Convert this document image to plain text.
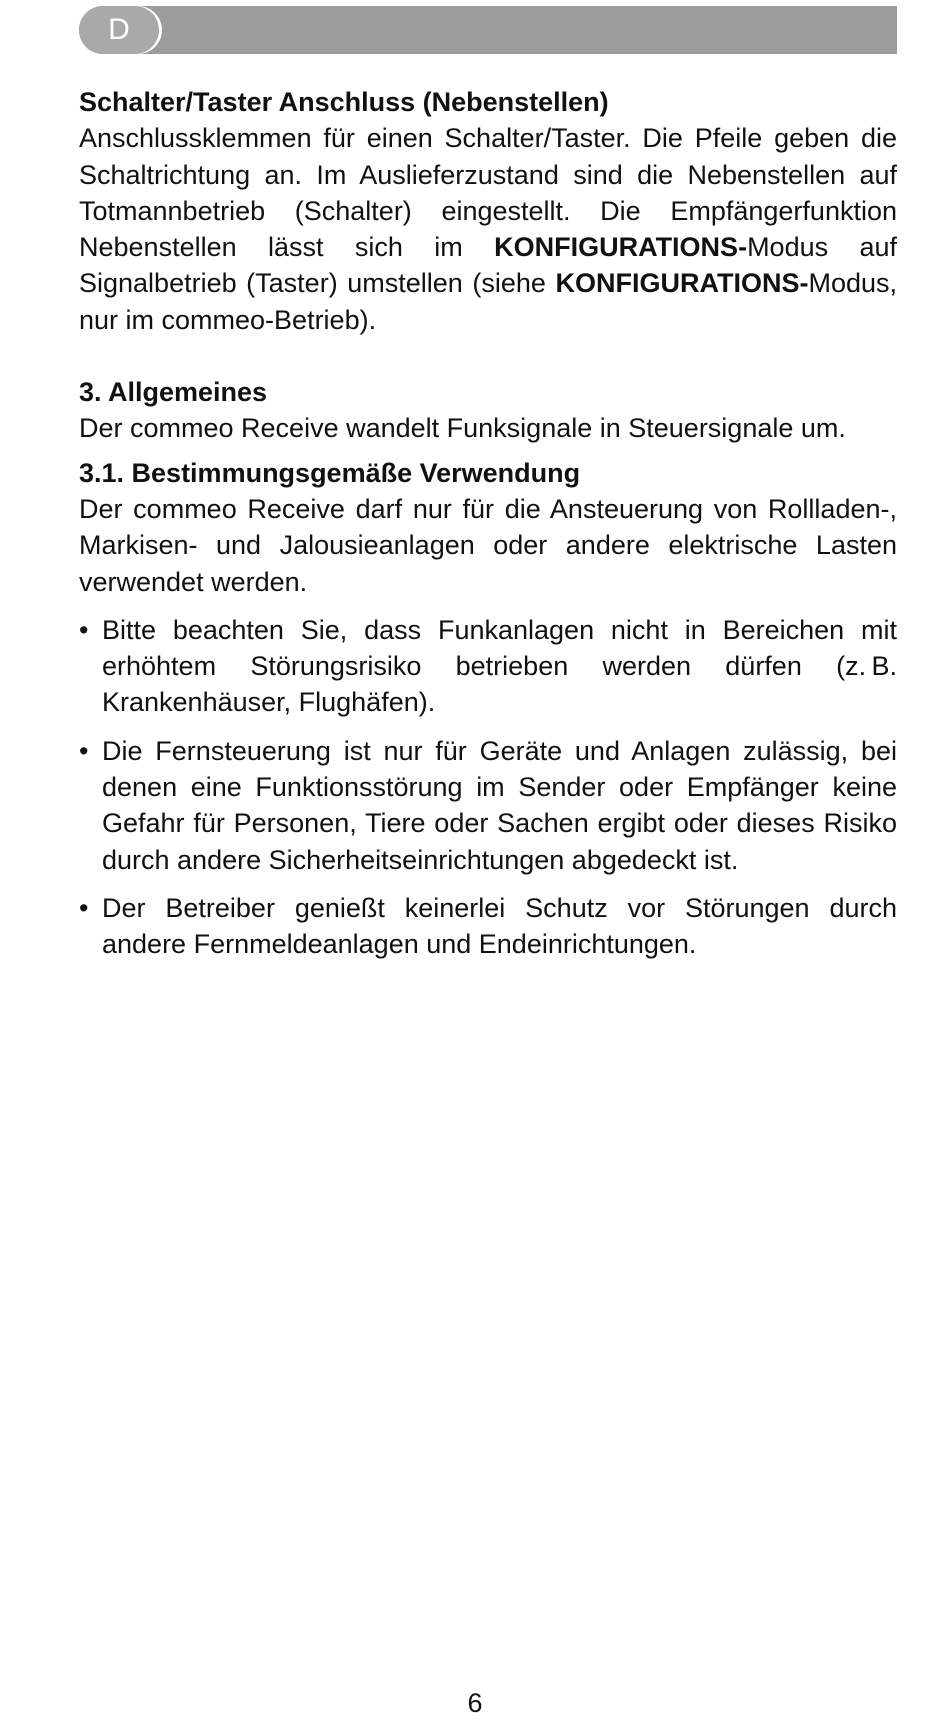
D

Schalter/Taster Anschluss (Nebenstellen)

Anschlussklemmen für einen Schalter/Taster. Die Pfeile geben die Schaltrichtung an. Im Auslieferzustand sind die Nebenstellen auf Totmannbetrieb (Schalter) eingestellt. Die Empfängerfunktion Nebenstellen lässt sich im KONFIGURATIONS-Modus auf Signalbetrieb (Taster) umstellen (siehe KONFIGURATIONS-Modus, nur im commeo-Betrieb).

3. Allgemeines

Der commeo Receive wandelt Funksignale in Steuersignale um.

3.1. Bestimmungsgemäße Verwendung

Der commeo Receive darf nur für die Ansteuerung von Rollladen-, Markisen- und Jalousieanlagen oder andere elektrische Lasten verwendet werden.

• Bitte beachten Sie, dass Funkanlagen nicht in Bereichen mit erhöhtem Störungsrisiko betrieben werden dürfen (z. B. Krankenhäuser, Flughäfen).
• Die Fernsteuerung ist nur für Geräte und Anlagen zulässig, bei denen eine Funktionsstörung im Sender oder Empfänger keine Gefahr für Personen, Tiere oder Sachen ergibt oder dieses Risiko durch andere Sicherheitseinrichtungen abgedeckt ist.
• Der Betreiber genießt keinerlei Schutz vor Störungen durch andere Fernmeldeanlagen und Endeinrichtungen.
6
